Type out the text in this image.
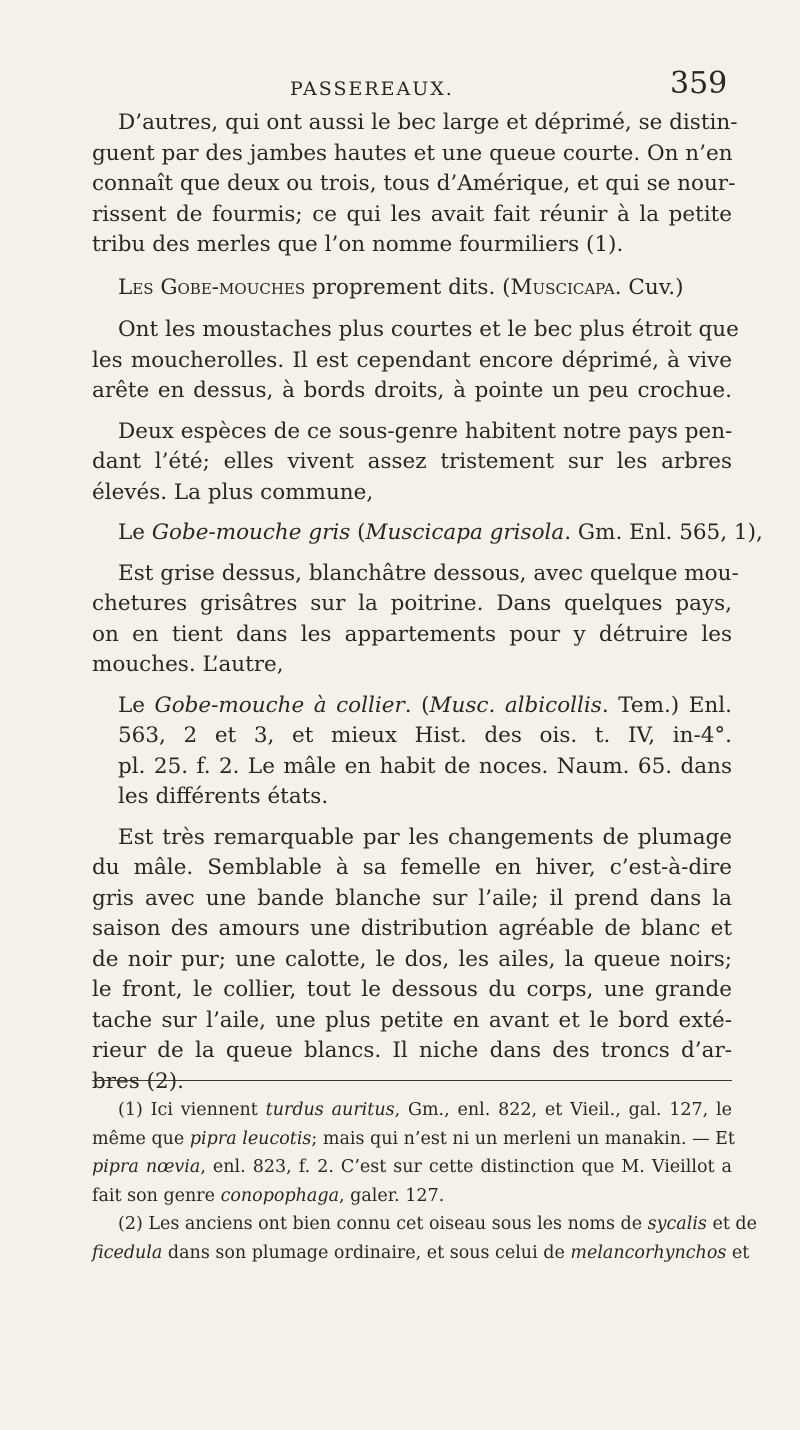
PASSEREAUX.	359
D’autres, qui ont aussi le bec large et déprimé, se distin-
guent par des jambes hautes et une queue courte. On n’en
connaît que deux ou trois, tous d’Amérique, et qui se nour-
rissent de fourmis; ce qui les avait fait réunir à la petite
tribu des merles que l’on nomme fourmiliers (1).
Les Gobe-mouches proprement dits. (Muscicapa. Cuv.)
Ont les moustaches plus courtes et le bec plus étroit que
les moucherolles. Il est cependant encore déprimé, à vive
arête en dessus, à bords droits, à pointe un peu crochue.
Deux espèces de ce sous-genre habitent notre pays pen-
dant l’été; elles vivent assez tristement sur les arbres
élevés. La plus commune,
Le Gobe-mouche gris (Muscicapa grisola. Gm. Enl. 565, 1),
Est grise dessus, blanchâtre dessous, avec quelque mou-
chetures grisâtres sur la poitrine. Dans quelques pays,
on en tient dans les appartements pour y détruire les
mouches. L’autre,
Le Gobe-mouche à collier. (Musc. albicollis. Tem.) Enl.
563, 2 et 3, et mieux Hist. des ois. t. IV, in-4°.
pl. 25. f. 2. Le mâle en habit de noces. Naum. 65. dans
les différents états.
Est très remarquable par les changements de plumage
du mâle. Semblable à sa femelle en hiver, c’est-à-dire
gris avec une bande blanche sur l’aile; il prend dans la
saison des amours une distribution agréable de blanc et
de noir pur; une calotte, le dos, les ailes, la queue noirs;
le front, le collier, tout le dessous du corps, une grande
tache sur l’aile, une plus petite en avant et le bord exté-
rieur de la queue blancs. Il niche dans des troncs d’ar-
bres (2).
(1) Ici viennent turdus auritus, Gm., enl. 822, et Vieil., gal. 127, le
même que pipra leucotis; mais qui n’est ni un merleni un manakin. — Et
pipra nœvia, enl. 823, f. 2. C’est sur cette distinction que M. Vieillot a
fait son genre conopophaga, galer. 127.
(2) Les anciens ont bien connu cet oiseau sous les noms de sycalis et de
ficedula dans son plumage ordinaire, et sous celui de melancorhynchos et
